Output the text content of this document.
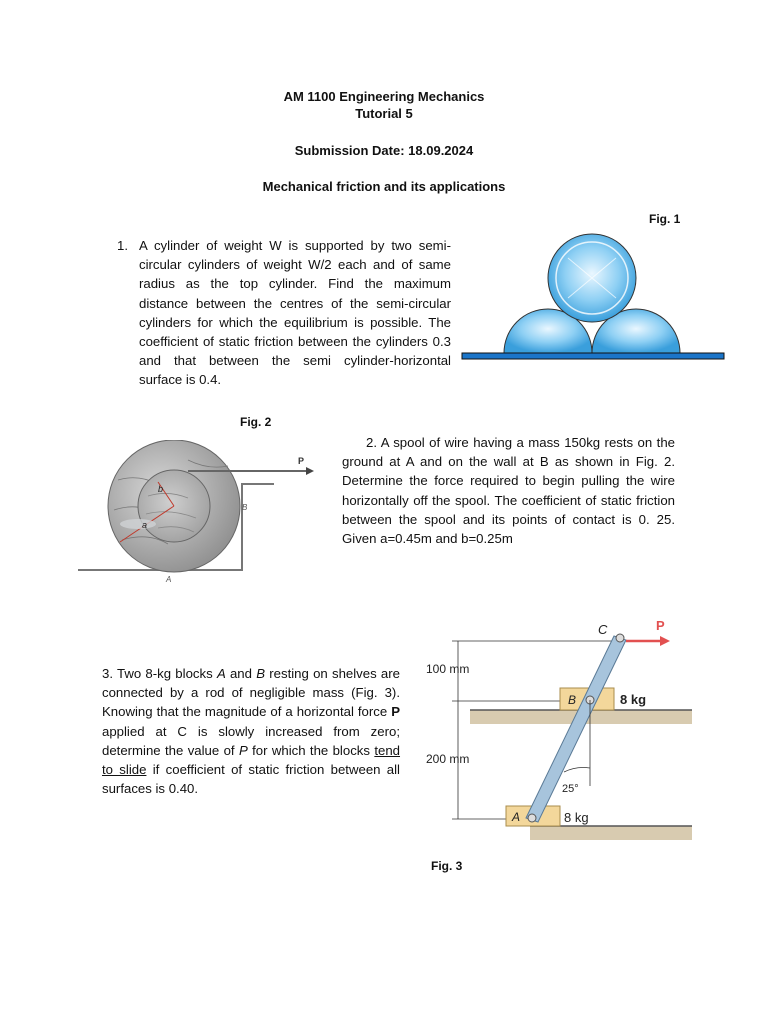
AM 1100 Engineering Mechanics
Tutorial 5
Submission Date: 18.09.2024
Mechanical friction and its applications
Fig. 1
1. A cylinder of weight W is supported by two semi-circular cylinders of weight W/2 each and of same radius as the top cylinder. Find the maximum distance between the centres of the semi-circular cylinders for which the equilibrium is possible. The coefficient of static friction between the cylinders 0.3 and that between the semi cylinder-horizontal surface is 0.4.
Fig. 2
2. A spool of wire having a mass 150kg rests on the ground at A and on the wall at B as shown in Fig. 2. Determine the force required to begin pulling the wire horizontally off the spool. The coefficient of static friction between the spool and its points of contact is 0. 25. Given a=0.45m and b=0.25m
P
b
a
B
A
3. Two 8-kg blocks A and B resting on shelves are connected by a rod of negligible mass (Fig. 3). Knowing that the magnitude of a horizontal force P applied at C is slowly increased from zero; determine the value of P for which the blocks tend to slide if coefficient of static friction between all surfaces is 0.40.
100 mm
200 mm
B	8 kg
A	8 kg
25°
C	P
Fig. 3
